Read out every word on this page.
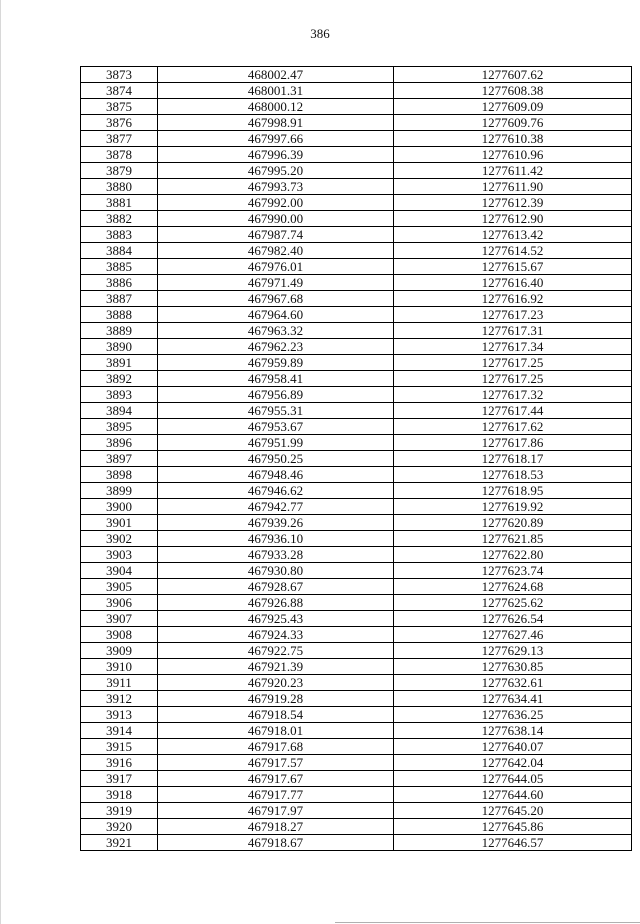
386
3873	468002.47	1277607.62
3874	468001.31	1277608.38
3875	468000.12	1277609.09
3876	467998.91	1277609.76
3877	467997.66	1277610.38
3878	467996.39	1277610.96
3879	467995.20	1277611.42
3880	467993.73	1277611.90
3881	467992.00	1277612.39
3882	467990.00	1277612.90
3883	467987.74	1277613.42
3884	467982.40	1277614.52
3885	467976.01	1277615.67
3886	467971.49	1277616.40
3887	467967.68	1277616.92
3888	467964.60	1277617.23
3889	467963.32	1277617.31
3890	467962.23	1277617.34
3891	467959.89	1277617.25
3892	467958.41	1277617.25
3893	467956.89	1277617.32
3894	467955.31	1277617.44
3895	467953.67	1277617.62
3896	467951.99	1277617.86
3897	467950.25	1277618.17
3898	467948.46	1277618.53
3899	467946.62	1277618.95
3900	467942.77	1277619.92
3901	467939.26	1277620.89
3902	467936.10	1277621.85
3903	467933.28	1277622.80
3904	467930.80	1277623.74
3905	467928.67	1277624.68
3906	467926.88	1277625.62
3907	467925.43	1277626.54
3908	467924.33	1277627.46
3909	467922.75	1277629.13
3910	467921.39	1277630.85
3911	467920.23	1277632.61
3912	467919.28	1277634.41
3913	467918.54	1277636.25
3914	467918.01	1277638.14
3915	467917.68	1277640.07
3916	467917.57	1277642.04
3917	467917.67	1277644.05
3918	467917.77	1277644.60
3919	467917.97	1277645.20
3920	467918.27	1277645.86
3921	467918.67	1277646.57
